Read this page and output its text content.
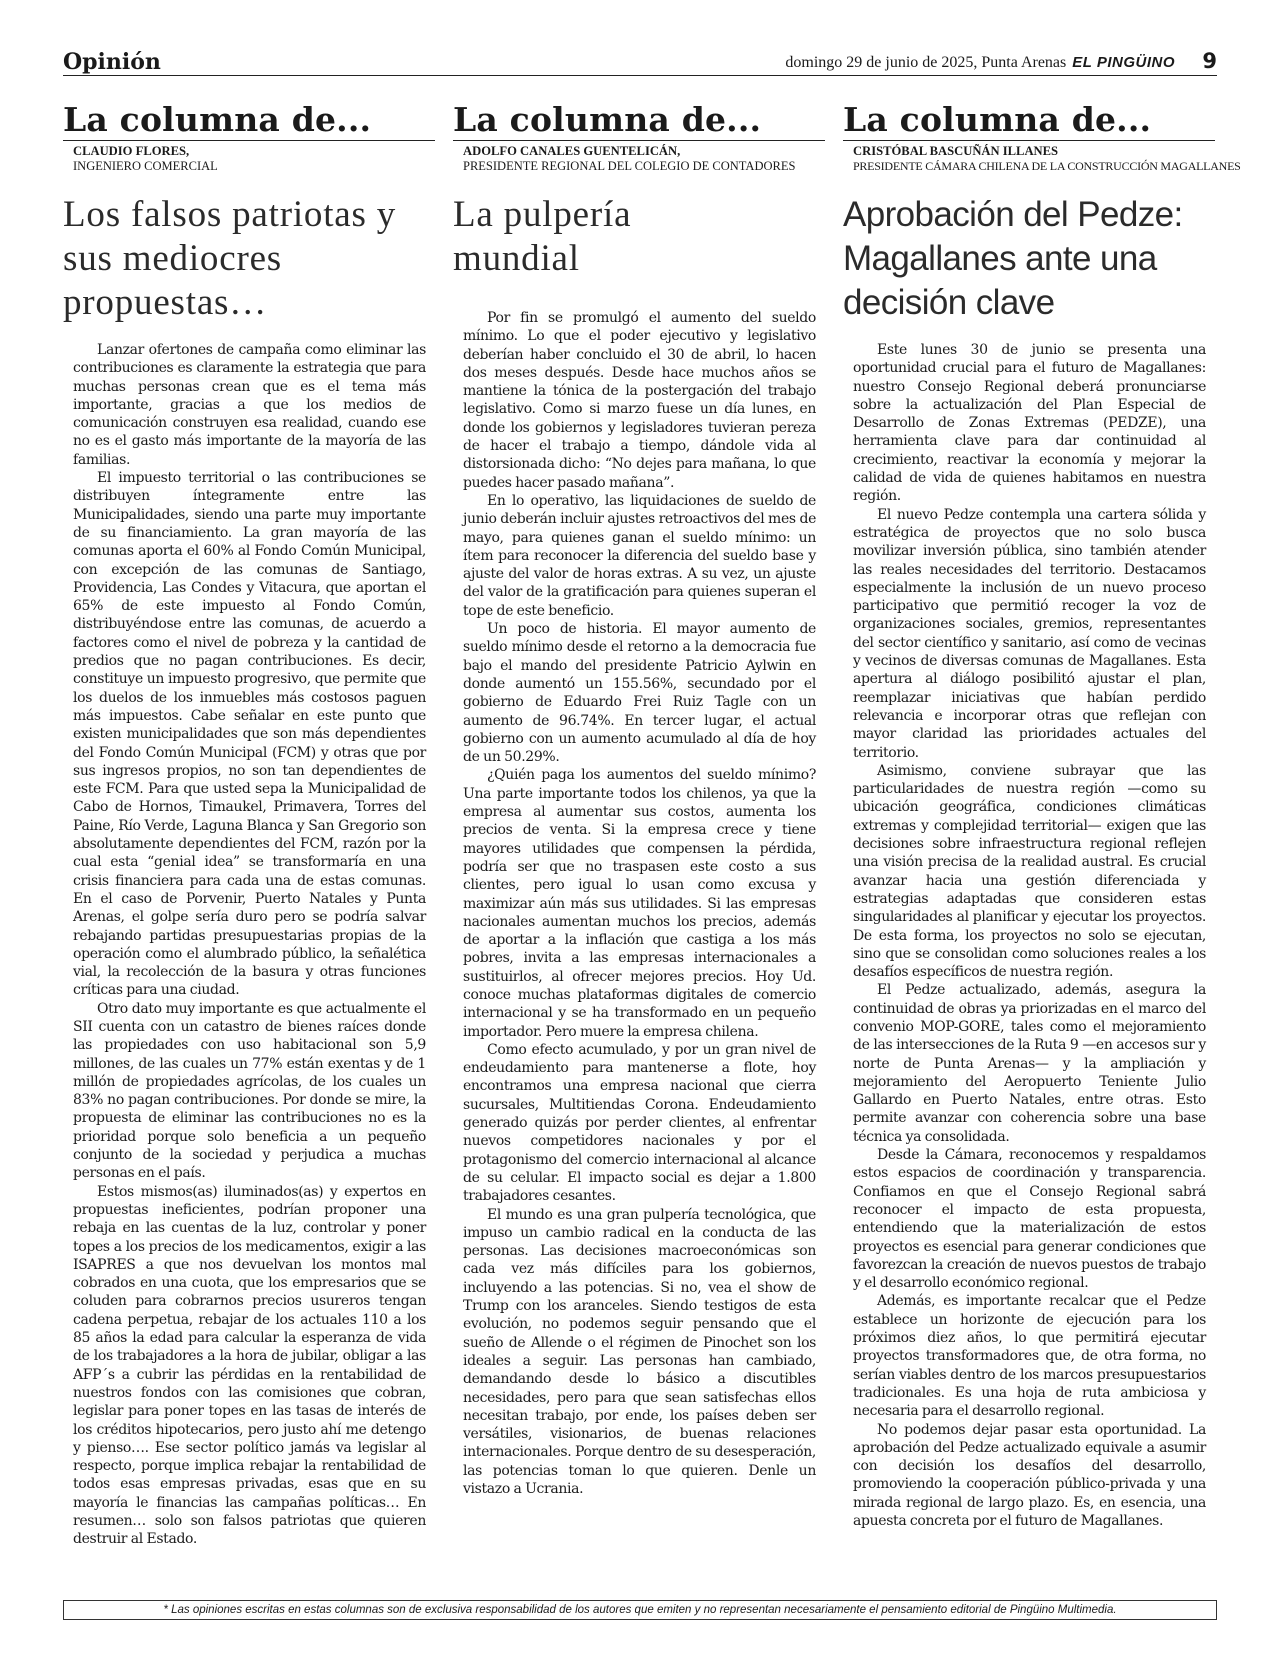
Opinión	domingo 29 de junio de 2025, Punta Arenas EL PINGÜINO 9
La columna de...
CLAUDIO FLORES,
INGENIERO COMERCIAL
Los falsos patriotas y sus mediocres propuestas…

Lanzar ofertones de campaña como eliminar las contribuciones es claramente la estrategia que para muchas personas crean que es el tema más importante, gracias a que los medios de comunicación construyen esa realidad, cuando ese no es el gasto más importante de la mayoría de las familias.

El impuesto territorial o las contribuciones se distribuyen íntegramente entre las Municipalidades, siendo una parte muy importante de su financiamiento. La gran mayoría de las comunas aporta el 60% al Fondo Común Municipal, con excepción de las comunas de Santiago, Providencia, Las Condes y Vitacura, que aportan el 65% de este impuesto al Fondo Común, distribuyéndose entre las comunas, de acuerdo a factores como el nivel de pobreza y la cantidad de predios que no pagan contribuciones. Es decir, constituye un impuesto progresivo, que permite que los duelos de los inmuebles más costosos paguen más impuestos. Cabe señalar en este punto que existen municipalidades que son más dependientes del Fondo Común Municipal (FCM) y otras que por sus ingresos propios, no son tan dependientes de este FCM. Para que usted sepa la Municipalidad de Cabo de Hornos, Timaukel, Primavera, Torres del Paine, Río Verde, Laguna Blanca y San Gregorio son absolutamente dependientes del FCM, razón por la cual esta “genial idea” se transformaría en una crisis financiera para cada una de estas comunas. En el caso de Porvenir, Puerto Natales y Punta Arenas, el golpe sería duro pero se podría salvar rebajando partidas presupuestarias propias de la operación como el alumbrado público, la señalética vial, la recolección de la basura y otras funciones críticas para una ciudad.

Otro dato muy importante es que actualmente el SII cuenta con un catastro de bienes raíces donde las propiedades con uso habitacional son 5,9 millones, de las cuales un 77% están exentas y de 1 millón de propiedades agrícolas, de los cuales un 83% no pagan contribuciones. Por donde se mire, la propuesta de eliminar las contribuciones no es la prioridad porque solo beneficia a un pequeño conjunto de la sociedad y perjudica a muchas personas en el país.

Estos mismos(as) iluminados(as) y expertos en propuestas ineficientes, podrían proponer una rebaja en las cuentas de la luz, controlar y poner topes a los precios de los medicamentos, exigir a las ISAPRES a que nos devuelvan los montos mal cobrados en una cuota, que los empresarios que se coluden para cobrarnos precios usureros tengan cadena perpetua, rebajar de los actuales 110 a los 85 años la edad para calcular la esperanza de vida de los trabajadores a la hora de jubilar, obligar a las AFP´s a cubrir las pérdidas en la rentabilidad de nuestros fondos con las comisiones que cobran, legislar para poner topes en las tasas de interés de los créditos hipotecarios, pero justo ahí me detengo y pienso…. Ese sector político jamás va legislar al respecto, porque implica rebajar la rentabilidad de todos esas empresas privadas, esas que en su mayoría le financias las campañas políticas… En resumen… solo son falsos patriotas que quieren destruir al Estado.

La columna de...
ADOLFO CANALES GUENTELICÁN,
PRESIDENTE REGIONAL DEL COLEGIO DE CONTADORES
La pulpería mundial

Por fin se promulgó el aumento del sueldo mínimo. Lo que el poder ejecutivo y legislativo deberían haber concluido el 30 de abril, lo hacen dos meses después. Desde hace muchos años se mantiene la tónica de la postergación del trabajo legislativo. Como si marzo fuese un día lunes, en donde los gobiernos y legisladores tuvieran pereza de hacer el trabajo a tiempo, dándole vida al distorsionada dicho: “No dejes para mañana, lo que puedes hacer pasado mañana”.

En lo operativo, las liquidaciones de sueldo de junio deberán incluir ajustes retroactivos del mes de mayo, para quienes ganan el sueldo mínimo: un ítem para reconocer la diferencia del sueldo base y ajuste del valor de horas extras. A su vez, un ajuste del valor de la gratificación para quienes superan el tope de este beneficio.

Un poco de historia. El mayor aumento de sueldo mínimo desde el retorno a la democracia fue bajo el mando del presidente Patricio Aylwin en donde aumentó un 155.56%, secundado por el gobierno de Eduardo Frei Ruiz Tagle con un aumento de 96.74%. En tercer lugar, el actual gobierno con un aumento acumulado al día de hoy de un 50.29%.

¿Quién paga los aumentos del sueldo mínimo? Una parte importante todos los chilenos, ya que la empresa al aumentar sus costos, aumenta los precios de venta. Si la empresa crece y tiene mayores utilidades que compensen la pérdida, podría ser que no traspasen este costo a sus clientes, pero igual lo usan como excusa y maximizar aún más sus utilidades. Si las empresas nacionales aumentan muchos los precios, además de aportar a la inflación que castiga a los más pobres, invita a las empresas internacionales a sustituirlos, al ofrecer mejores precios. Hoy Ud. conoce muchas plataformas digitales de comercio internacional y se ha transformado en un pequeño importador. Pero muere la empresa chilena.

Como efecto acumulado, y por un gran nivel de endeudamiento para mantenerse a flote, hoy encontramos una empresa nacional que cierra sucursales, Multitiendas Corona. Endeudamiento generado quizás por perder clientes, al enfrentar nuevos competidores nacionales y por el protagonismo del comercio internacional al alcance de su celular. El impacto social es dejar a 1.800 trabajadores cesantes.

El mundo es una gran pulpería tecnológica, que impuso un cambio radical en la conducta de las personas. Las decisiones macroeconómicas son cada vez más difíciles para los gobiernos, incluyendo a las potencias. Si no, vea el show de Trump con los aranceles. Siendo testigos de esta evolución, no podemos seguir pensando que el sueño de Allende o el régimen de Pinochet son los ideales a seguir. Las personas han cambiado, demandando desde lo básico a discutibles necesidades, pero para que sean satisfechas ellos necesitan trabajo, por ende, los países deben ser versátiles, visionarios, de buenas relaciones internacionales. Porque dentro de su desesperación, las potencias toman lo que quieren. Denle un vistazo a Ucrania.

La columna de...
CRISTÓBAL BASCUÑÁN ILLANES
PRESIDENTE CÁMARA CHILENA DE LA CONSTRUCCIÓN MAGALLANES
Aprobación del Pedze: Magallanes ante una decisión clave

Este lunes 30 de junio se presenta una oportunidad crucial para el futuro de Magallanes: nuestro Consejo Regional deberá pronunciarse sobre la actualización del Plan Especial de Desarrollo de Zonas Extremas (PEDZE), una herramienta clave para dar continuidad al crecimiento, reactivar la economía y mejorar la calidad de vida de quienes habitamos en nuestra región.

El nuevo Pedze contempla una cartera sólida y estratégica de proyectos que no solo busca movilizar inversión pública, sino también atender las reales necesidades del territorio. Destacamos especialmente la inclusión de un nuevo proceso participativo que permitió recoger la voz de organizaciones sociales, gremios, representantes del sector científico y sanitario, así como de vecinas y vecinos de diversas comunas de Magallanes. Esta apertura al diálogo posibilitó ajustar el plan, reemplazar iniciativas que habían perdido relevancia e incorporar otras que reflejan con mayor claridad las prioridades actuales del territorio.

Asimismo, conviene subrayar que las particularidades de nuestra región —como su ubicación geográfica, condiciones climáticas extremas y complejidad territorial— exigen que las decisiones sobre infraestructura regional reflejen una visión precisa de la realidad austral. Es crucial avanzar hacia una gestión diferenciada y estrategias adaptadas que consideren estas singularidades al planificar y ejecutar los proyectos. De esta forma, los proyectos no solo se ejecutan, sino que se consolidan como soluciones reales a los desafíos específicos de nuestra región.

El Pedze actualizado, además, asegura la continuidad de obras ya priorizadas en el marco del convenio MOP-GORE, tales como el mejoramiento de las intersecciones de la Ruta 9 —en accesos sur y norte de Punta Arenas— y la ampliación y mejoramiento del Aeropuerto Teniente Julio Gallardo en Puerto Natales, entre otras. Esto permite avanzar con coherencia sobre una base técnica ya consolidada.

Desde la Cámara, reconocemos y respaldamos estos espacios de coordinación y transparencia. Confiamos en que el Consejo Regional sabrá reconocer el impacto de esta propuesta, entendiendo que la materialización de estos proyectos es esencial para generar condiciones que favorezcan la creación de nuevos puestos de trabajo y el desarrollo económico regional.

Además, es importante recalcar que el Pedze establece un horizonte de ejecución para los próximos diez años, lo que permitirá ejecutar proyectos transformadores que, de otra forma, no serían viables dentro de los marcos presupuestarios tradicionales. Es una hoja de ruta ambiciosa y necesaria para el desarrollo regional.

No podemos dejar pasar esta oportunidad. La aprobación del Pedze actualizado equivale a asumir con decisión los desafíos del desarrollo, promoviendo la cooperación público-privada y una mirada regional de largo plazo. Es, en esencia, una apuesta concreta por el futuro de Magallanes.

* Las opiniones escritas en estas columnas son de exclusiva responsabilidad de los autores que emiten y no representan necesariamente el pensamiento editorial de Pingüino Multimedia.
